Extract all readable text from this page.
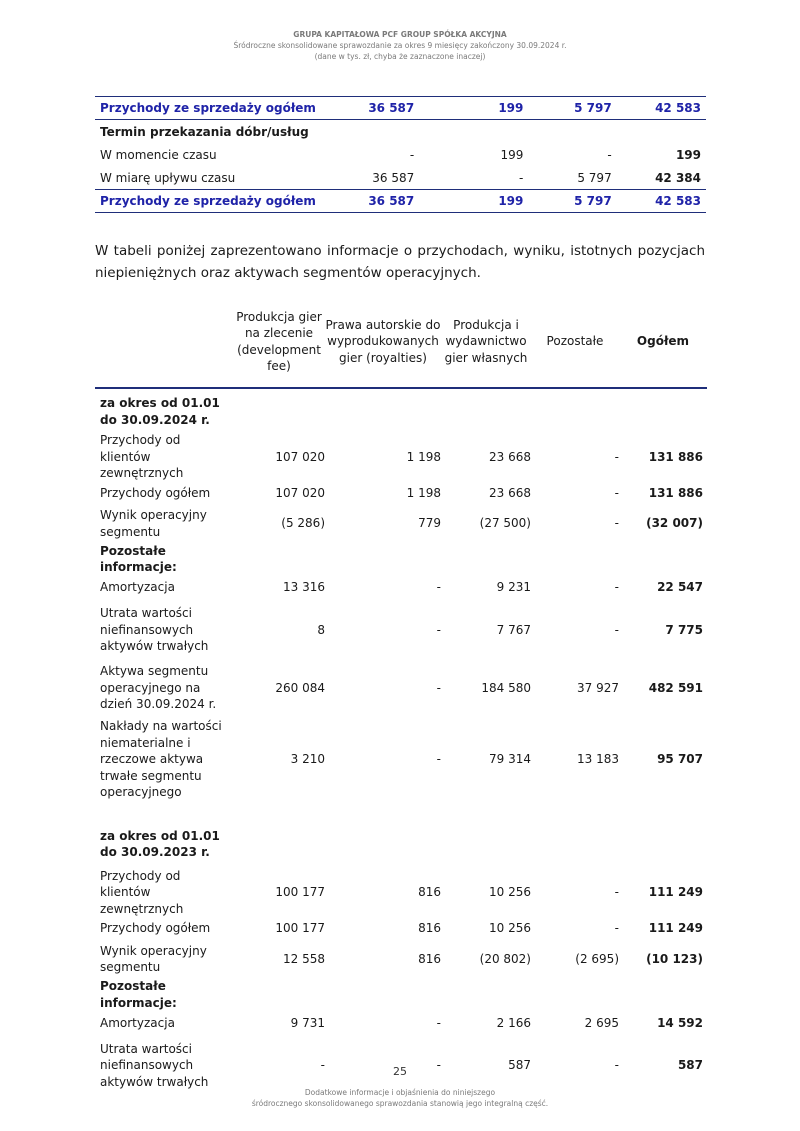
GRUPA KAPITAŁOWA PCF GROUP SPÓŁKA AKCYJNA
Śródroczne skonsolidowane sprawozdanie za okres 9 miesięcy zakończony 30.09.2024 r.
(dane w tys. zł, chyba że zaznaczone inaczej)
Przychody ze sprzedaży ogółem	36 587	199	5 797	42 583
Termin przekazania dóbr/usług				
W momencie czasu	-	199	-	199
W miarę upływu czasu	36 587	-	5 797	42 384
Przychody ze sprzedaży ogółem	36 587	199	5 797	42 583
W tabeli poniżej zaprezentowano informacje o przychodach, wyniku, istotnych pozycjach niepieniężnych oraz aktywach segmentów operacyjnych.
	Produkcja gier na zlecenie (development fee)	Prawa autorskie do wyprodukowanych gier (royalties)	Produkcja i wydawnictwo gier własnych	Pozostałe	Ogółem
za okres od 01.01 do 30.09.2024 r.					
Przychody od klientów zewnętrznych	107 020	1 198	23 668	-	131 886
Przychody ogółem	107 020	1 198	23 668	-	131 886
Wynik operacyjny segmentu	(5 286)	779	(27 500)	-	(32 007)
Pozostałe informacje:					
Amortyzacja	13 316	-	9 231	-	22 547
Utrata wartości niefinansowych aktywów trwałych	8	-	7 767	-	7 775
Aktywa segmentu operacyjnego na dzień 30.09.2024 r.	260 084	-	184 580	37 927	482 591
Nakłady na wartości niematerialne i rzeczowe aktywa trwałe segmentu operacyjnego	3 210	-	79 314	13 183	95 707

za okres od 01.01 do 30.09.2023 r.					
Przychody od klientów zewnętrznych	100 177	816	10 256	-	111 249
Przychody ogółem	100 177	816	10 256	-	111 249
Wynik operacyjny segmentu	12 558	816	(20 802)	(2 695)	(10 123)
Pozostałe informacje:					
Amortyzacja	9 731	-	2 166	2 695	14 592
Utrata wartości niefinansowych aktywów trwałych	-	-	587	-	587
25
Dodatkowe informacje i objaśnienia do niniejszego
śródrocznego skonsolidowanego sprawozdania stanowią jego integralną część.
